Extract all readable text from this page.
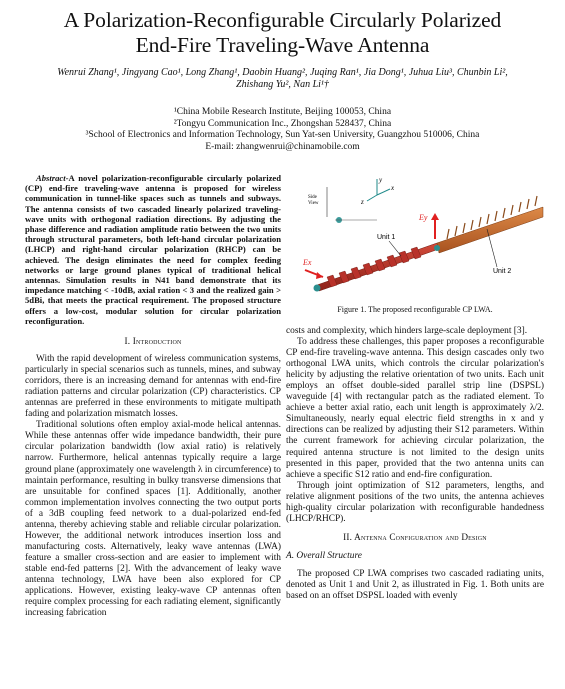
A Polarization-Reconfigurable Circularly Polarized
End-Fire Traveling-Wave Antenna
Wenrui Zhang¹, Jingyang Cao¹, Long Zhang¹, Daobin Huang², Juqing Ran¹, Jia Dong¹, Juhua Liu³, Chunbin Li²,
Zhishang Yu², Nan Li¹†
¹China Mobile Research Institute, Beijing 100053, China
²Tongyu Communication Inc., Zhongshan 528437, China
³School of Electronics and Information Technology, Sun Yat-sen University, Guangzhou 510006, China
E-mail: zhangwenrui@chinamobile.com

Abstract-A novel polarization-reconfigurable circularly polarized (CP) end-fire traveling-wave antenna is proposed for wireless communication in tunnel-like spaces such as tunnels and subways. The antenna consists of two cascaded linearly polarized traveling-wave units with orthogonal radiation directions. By adjusting the phase difference and radiation amplitude ratio between the two units through structural parameters, both left-hand circular polarization (LHCP) and right-hand circular polarization (RHCP) can be achieved. The design eliminates the need for complex feeding networks or large ground planes typical of traditional helical antennas. Simulation results in N41 band demonstrate that its impedance matching < -10dB, axial ration < 3 and the realized gain > 5dBi, that meets the practical requirement. The proposed structure offers a low-cost, modular solution for circular polarization reconfiguration.

I. Introduction

With the rapid development of wireless communication systems, particularly in special scenarios such as tunnels, mines, and subway corridors, there is an increasing demand for antennas with end-fire radiation patterns and circular polarization (CP) characteristics. CP antennas are preferred in these environments to mitigate multipath fading and polarization mismatch losses.

Traditional solutions often employ axial-mode helical antennas. While these antennas offer wide impedance bandwidth, their pure circular polarization bandwidth (low axial ratio) is relatively narrow. Furthermore, helical antennas typically require a large ground plane (approximately one wavelength λ in circumference) to maintain performance, resulting in bulky transverse dimensions that are unsuitable for confined spaces [1]. Additionally, another common implementation involves connecting the two output ports of a 3dB coupling feed network to a dual-polarized end-fed antenna, thereby achieving stable and reliable circular polarization. However, the additional network introduces insertion loss and manufacturing costs. Alternatively, leaky wave antennas (LWA) feature a smaller cross-section and are easier to implement with stable end-fed patterns [2]. With the advancement of leaky wave antenna technology, LWA have been also explored for CP applications. However, existing leaky-wave CP antennas often require complex processing for each radiating element, significantly increasing fabrication

Side
View
y
x
z
Ex
Ey
Unit 1
Unit 2
Figure 1. The proposed reconfigurable CP LWA.

costs and complexity, which hinders large-scale deployment [3].

To address these challenges, this paper proposes a reconfigurable CP end-fire traveling-wave antenna. This design cascades only two orthogonal LWA units, which controls the circular polarization's helicity by adjusting the relative orientation of two units. Each unit employs an offset double-sided parallel strip line (DSPSL) waveguide [4] with rectangular patch as the radiated element. To achieve a better axial ratio, each unit length is approximately λ/2. Simultaneously, nearly equal electric field strengths in x and y directions can be realized by adjusting their S12 parameters. Within the current framework for achieving circular polarization, the required antenna structure is not limited to the design units presented in this paper, provided that the two antenna units can achieve a specific S12 ratio and end-fire configuration.

Through joint optimization of S12 parameters, lengths, and relative alignment positions of the two units, the antenna achieves high-quality circular polarization with reconfigurable handedness (LHCP/RHCP).

II. Antenna Configuration and Design
A. Overall Structure

The proposed CP LWA comprises two cascaded radiating units, denoted as Unit 1 and Unit 2, as illustrated in Fig. 1. Both units are based on an offset DSPSL loaded with evenly
